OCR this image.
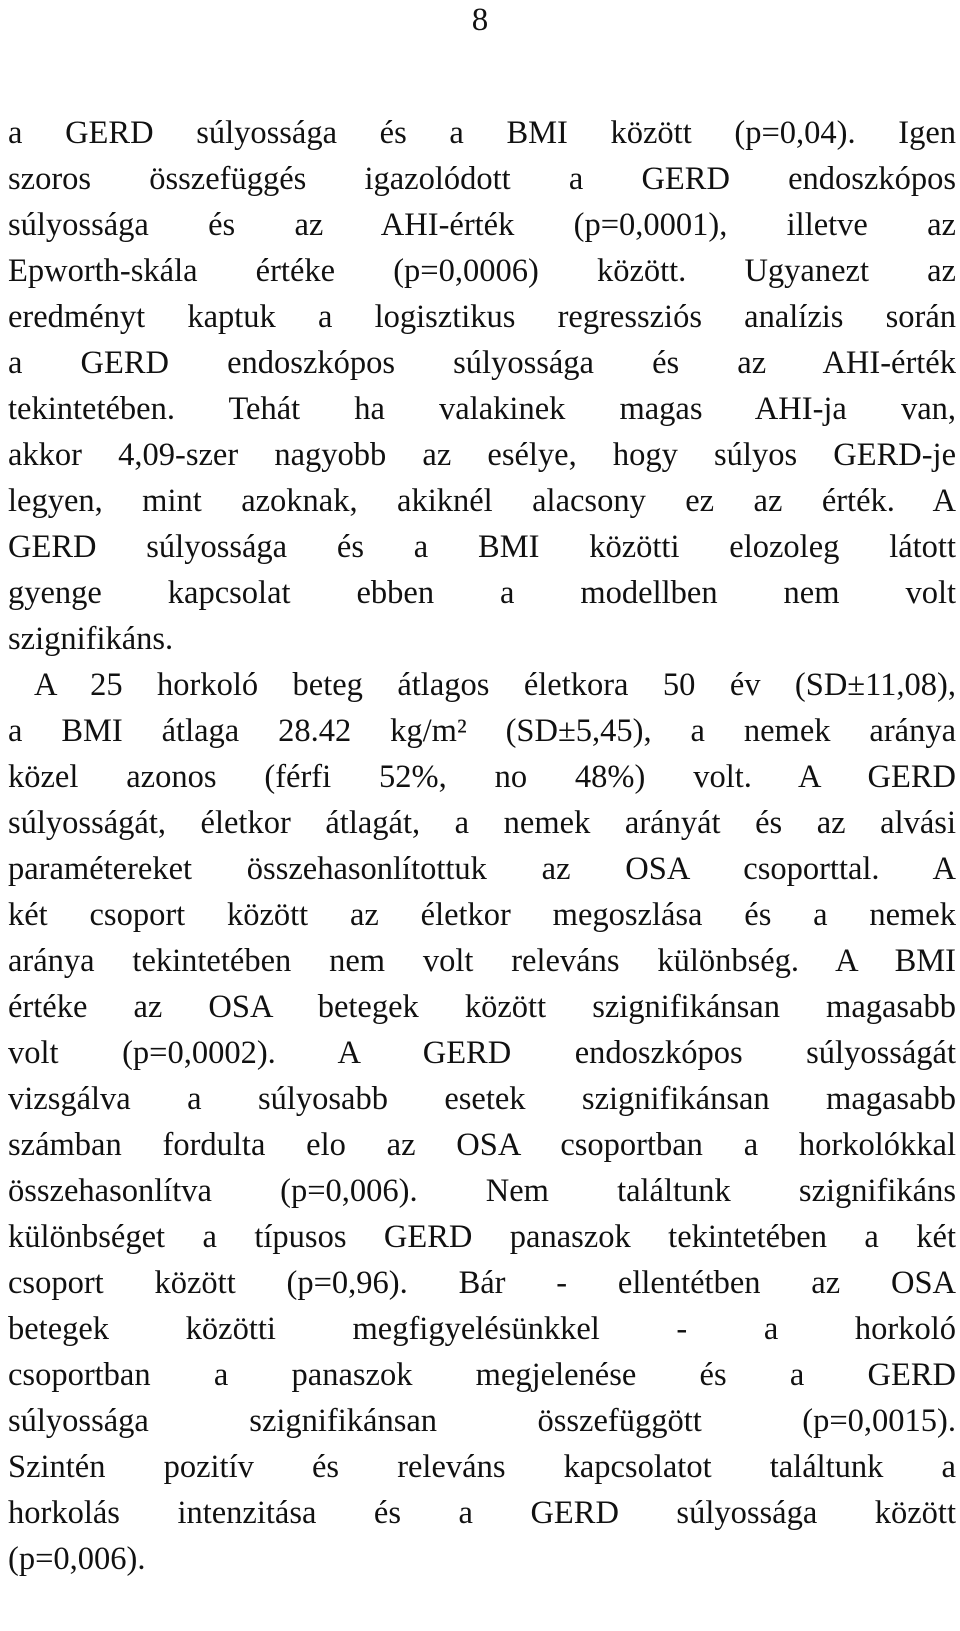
8
a GERD súlyossága és a BMI között (p=0,04). Igen
szoros összefüggés igazolódott a GERD endoszkópos
súlyossága és az AHI-érték (p=0,0001), illetve az
Epworth-skála értéke (p=0,0006) között. Ugyanezt az
eredményt kaptuk a logisztikus regressziós analízis során
a GERD endoszkópos súlyossága és az AHI-érték
tekintetében. Tehát ha valakinek magas AHI-ja van,
akkor 4,09-szer nagyobb az esélye, hogy súlyos GERD-je
legyen, mint azoknak, akiknél alacsony ez az érték. A
GERD súlyossága és a BMI közötti elozoleg látott
gyenge kapcsolat ebben a modellben nem volt
szignifikáns.
A 25 horkoló beteg átlagos életkora 50 év (SD±11,08),
a BMI átlaga 28.42 kg/m² (SD±5,45), a nemek aránya
közel azonos (férfi 52%, no 48%) volt. A GERD
súlyosságát, életkor átlagát, a nemek arányát és az alvási
paramétereket összehasonlítottuk az OSA csoporttal. A
két csoport között az életkor megoszlása és a nemek
aránya tekintetében nem volt releváns különbség. A BMI
értéke az OSA betegek között szignifikánsan magasabb
volt (p=0,0002). A GERD endoszkópos súlyosságát
vizsgálva a súlyosabb esetek szignifikánsan magasabb
számban fordulta elo az OSA csoportban a horkolókkal
összehasonlítva (p=0,006). Nem találtunk szignifikáns
különbséget a típusos GERD panaszok tekintetében a két
csoport között (p=0,96). Bár - ellentétben az OSA
betegek közötti megfigyelésünkkel - a horkoló
csoportban a panaszok megjelenése és a GERD
súlyossága szignifikánsan összefüggött (p=0,0015).
Szintén pozitív és releváns kapcsolatot találtunk a
horkolás intenzitása és a GERD súlyossága között
(p=0,006).
